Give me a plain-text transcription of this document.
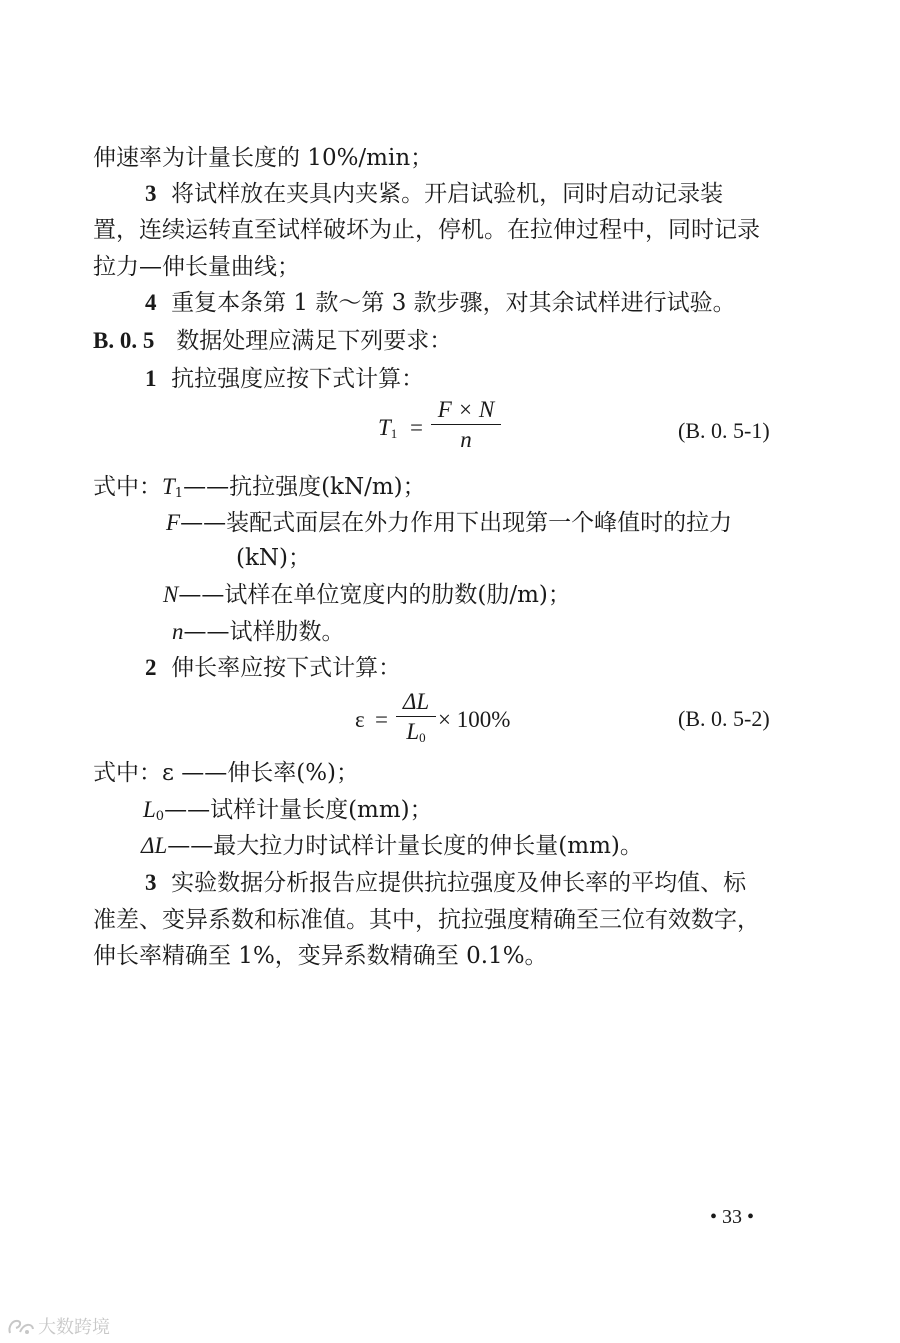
伸速率为计量长度的 10%/min；
3 将试样放在夹具内夹紧。开启试验机，同时启动记录装
置，连续运转直至试样破坏为止，停机。在拉伸过程中，同时记录
拉力—伸长量曲线；
4 重复本条第 1 款～第 3 款步骤，对其余试样进行试验。
B. 0. 5 数据处理应满足下列要求：
1 抗拉强度应按下式计算：
$T_1 = \frac{F \times N}{n}$	(B. 0. 5-1)
式中：$T_1——$抗拉强度(kN/m)；
F——装配式面层在外力作用下出现第一个峰值时的拉力
(kN)；
N——试样在单位宽度内的肋数(肋/m)；
n——试样肋数。
2 伸长率应按下式计算：
$\varepsilon = \frac{\Delta L}{L_0} \times 100\%$	(B. 0. 5-2)
式中：ε ——伸长率(%)；
$L_0——$试样计量长度(mm)；
ΔL——最大拉力时试样计量长度的伸长量(mm)。
3 实验数据分析报告应提供抗拉强度及伸长率的平均值、标
准差、变异系数和标准值。其中，抗拉强度精确至三位有效数字，
伸长率精确至 1%，变异系数精确至 0.1%。
• 33 •
大数跨境
